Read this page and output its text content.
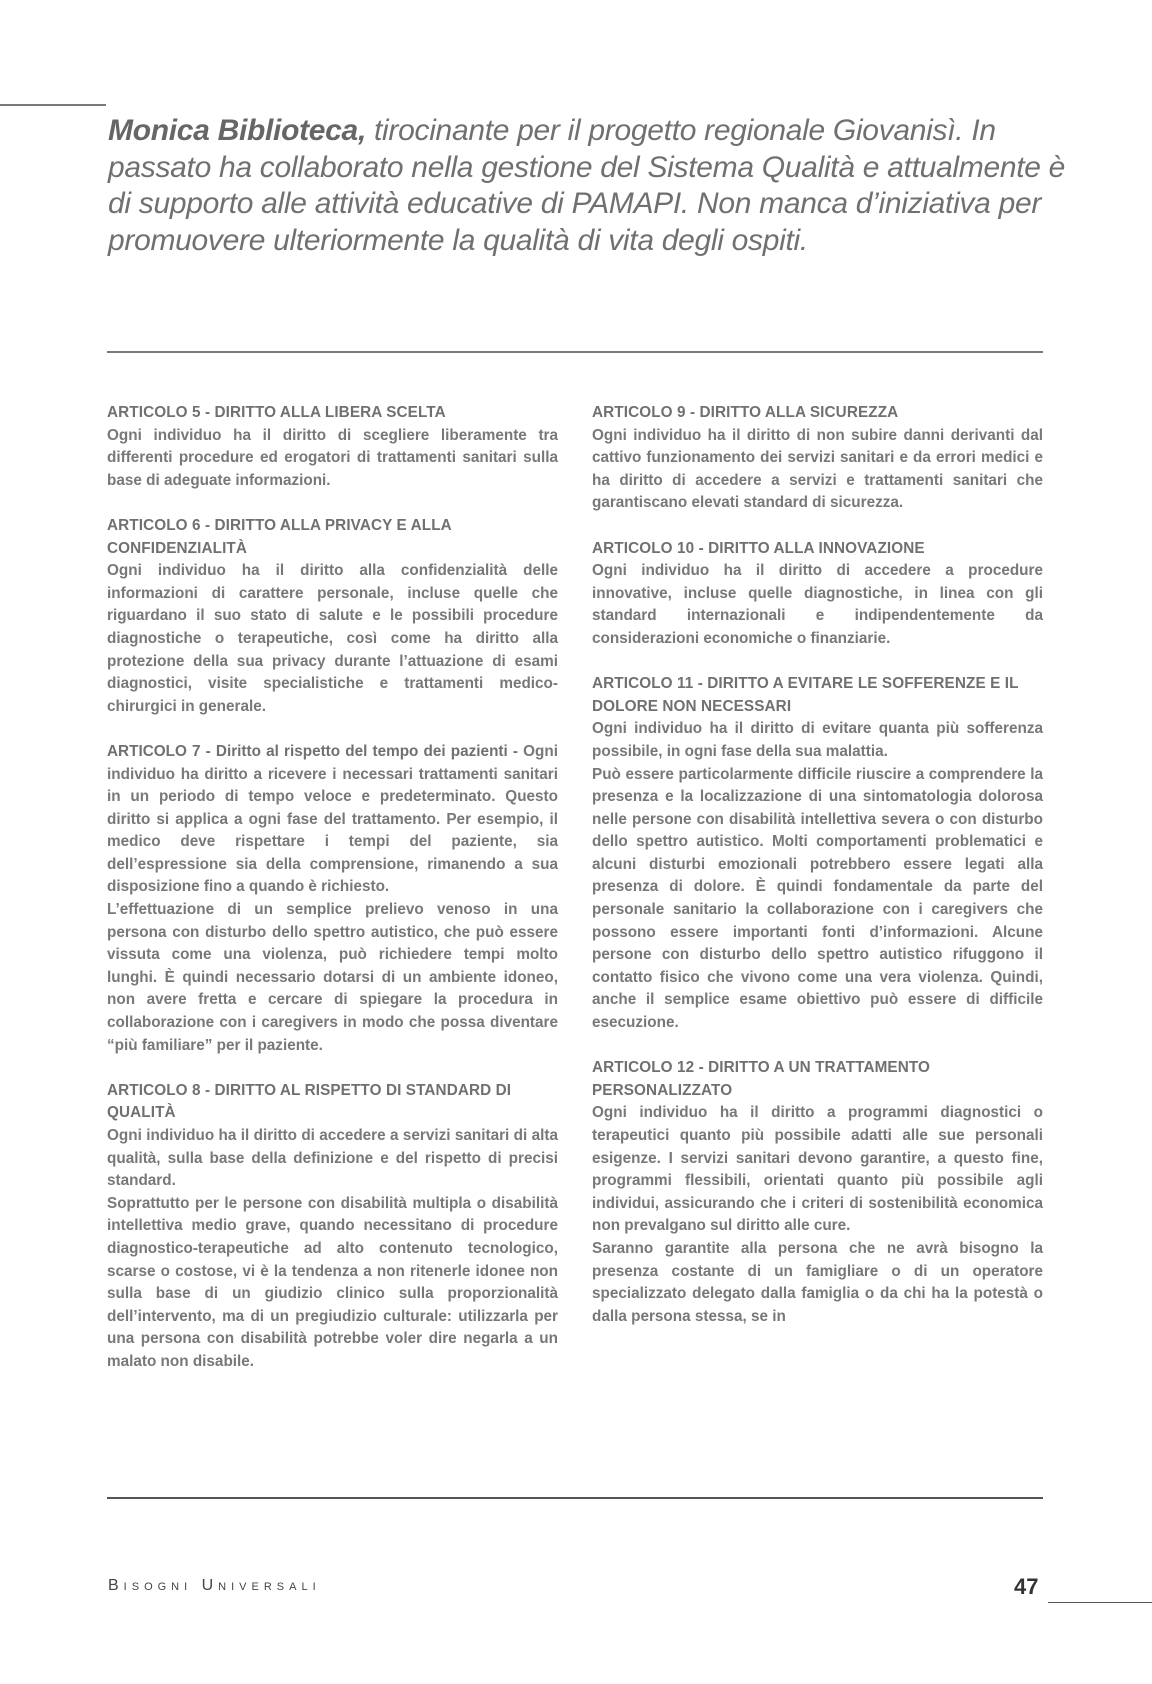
Monica Biblioteca, tirocinante per il progetto regionale Giovanisì. In passato ha collaborato nella gestione del Sistema Qualità e attualmente è di supporto alle attività educative di PAMAPI. Non manca d’iniziativa per promuovere ulteriormente la qualità di vita degli ospiti.
ARTICOLO 5 - DIRITTO ALLA LIBERA SCELTA

Ogni individuo ha il diritto di scegliere liberamente tra differenti procedure ed erogatori di trattamenti sanitari sulla base di adeguate informazioni.

ARTICOLO 6 - DIRITTO ALLA PRIVACY E ALLA CONFIDENZIALITÀ

Ogni individuo ha il diritto alla confidenzialità delle informazioni di carattere personale, incluse quelle che riguardano il suo stato di salute e le possibili procedure diagnostiche o terapeutiche, così come ha diritto alla protezione della sua privacy durante l’attuazione di esami diagnostici, visite specialistiche e trattamenti medico-chirurgici in generale.

ARTICOLO 7 - Diritto al rispetto del tempo dei pazienti - Ogni individuo ha diritto a ricevere i necessari trattamenti sanitari in un periodo di tempo veloce e predeterminato. Questo diritto si applica a ogni fase del trattamento. Per esempio, il medico deve rispettare i tempi del paziente, sia dell’espressione sia della comprensione, rimanendo a sua disposizione fino a quando è richiesto.

L’effettuazione di un semplice prelievo venoso in una persona con disturbo dello spettro autistico, che può essere vissuta come una violenza, può richiedere tempi molto lunghi. È quindi necessario dotarsi di un ambiente idoneo, non avere fretta e cercare di spiegare la procedura in collaborazione con i caregivers in modo che possa diventare “più familiare” per il paziente.

ARTICOLO 8 - DIRITTO AL RISPETTO DI STANDARD DI QUALITÀ

Ogni individuo ha il diritto di accedere a servizi sanitari di alta qualità, sulla base della definizione e del rispetto di precisi standard.

Soprattutto per le persone con disabilità multipla o disabilità intellettiva medio grave, quando necessitano di procedure diagnostico-terapeutiche ad alto contenuto tecnologico, scarse o costose, vi è la tendenza a non ritenerle idonee non sulla base di un giudizio clinico sulla proporzionalità dell’intervento, ma di un pregiudizio culturale: utilizzarla per una persona con disabilità potrebbe voler dire negarla a un malato non disabile.

ARTICOLO 9 - DIRITTO ALLA SICUREZZA

Ogni individuo ha il diritto di non subire danni derivanti dal cattivo funzionamento dei servizi sanitari e da errori medici e ha diritto di accedere a servizi e trattamenti sanitari che garantiscano elevati standard di sicurezza.

ARTICOLO 10 - DIRITTO ALLA INNOVAZIONE

Ogni individuo ha il diritto di accedere a procedure innovative, incluse quelle diagnostiche, in linea con gli standard internazionali e indipendentemente da considerazioni economiche o finanziarie.

ARTICOLO 11 - DIRITTO A EVITARE LE SOFFERENZE E IL DOLORE NON NECESSARI

Ogni individuo ha il diritto di evitare quanta più sofferenza possibile, in ogni fase della sua malattia.

Può essere particolarmente difficile riuscire a comprendere la presenza e la localizzazione di una sintomatologia dolorosa nelle persone con disabilità intellettiva severa o con disturbo dello spettro autistico. Molti comportamenti problematici e alcuni disturbi emozionali potrebbero essere legati alla presenza di dolore. È quindi fondamentale da parte del personale sanitario la collaborazione con i caregivers che possono essere importanti fonti d’informazioni. Alcune persone con disturbo dello spettro autistico rifuggono il contatto fisico che vivono come una vera violenza. Quindi, anche il semplice esame obiettivo può essere di difficile esecuzione.

ARTICOLO 12 - DIRITTO A UN TRATTAMENTO PERSONALIZZATO

Ogni individuo ha il diritto a programmi diagnostici o terapeutici quanto più possibile adatti alle sue personali esigenze. I servizi sanitari devono garantire, a questo fine, programmi flessibili, orientati quanto più possibile agli individui, assicurando che i criteri di sostenibilità economica non prevalgano sul diritto alle cure.

Saranno garantite alla persona che ne avrà bisogno la presenza costante di un famigliare o di un operatore specializzato delegato dalla famiglia o da chi ha la potestà o dalla persona stessa, se in

Bisogni Universali	47
